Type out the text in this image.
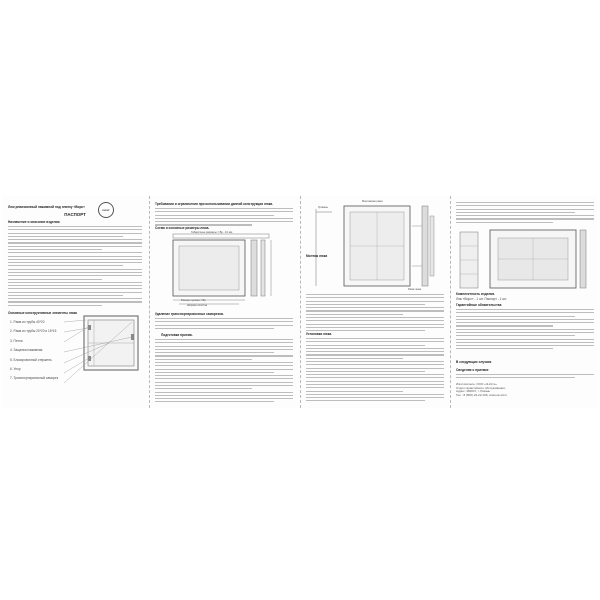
EVENT

Люк ревизионный нажимной под плитку «Ворс»

ПАСПОРТ

Назначение и описание изделия.

Основные конструктивные элементы люка

1. Рама из трубы 40*20

2. Рама из трубы 20*20 и 15*15

3. Петли

4. Защелка нажимная

5. Блокировочный стержень

6. Упор

7. Транспортировочный саморез

Требования и ограничения при использовании данной конструкции люка.

Схема и основные размеры люка.

Габаритные размеры = Вр - 10 мм

Размер проема = Вр

Ширина полотна

Удаление транспортировочных саморезов.

Подготовка проема.

Монтажная рама

Уровень

Рама люка

Монтаж люка

Установка люка.

Комплектность изделия.

Люк «Ворс» - 1 шт. Паспорт - 1 шт.

Гарантийные обязательства

В следующих случаях

Сведения о приемке

Изготовитель: ООО «Э-Кстэ»

Отдел гарантийного обслуживания:

Адрес: 390047, г. Рязань

Тел.: 8 (800) 22-22-196, www.ek-stl.ru
